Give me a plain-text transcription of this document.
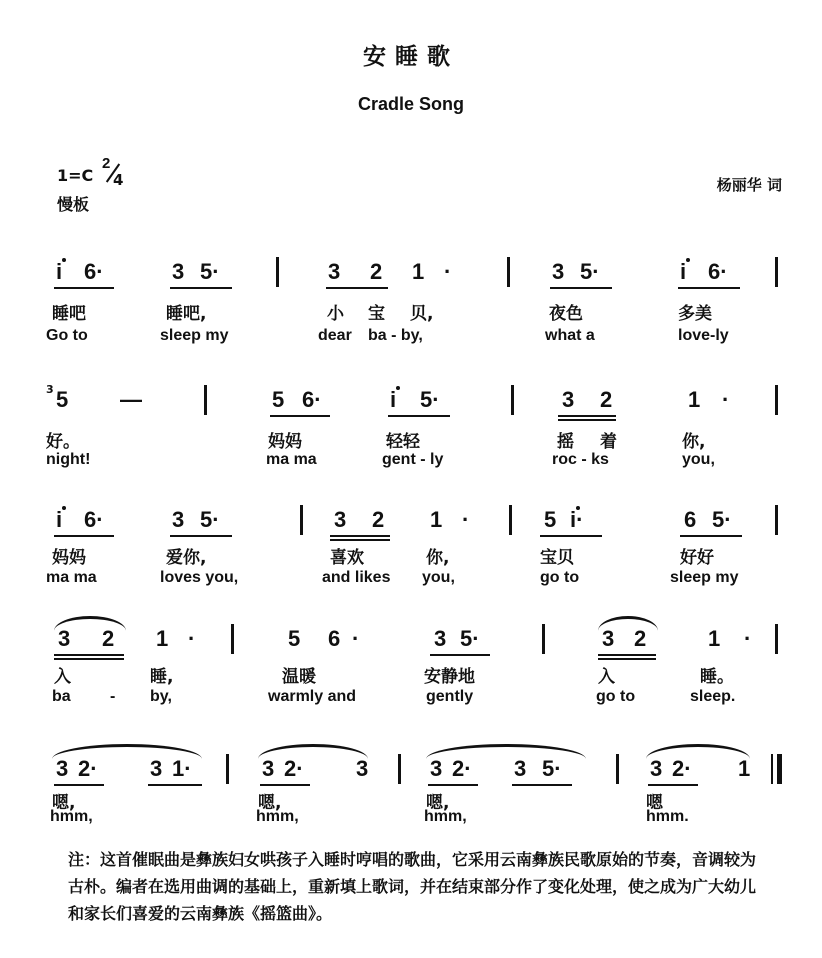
安睡歌
Cradle Song
1=C
2
4
慢板
杨丽华 词
i 6·	3 5·	3 2 1 ·	3 5·	i 6·
睡吧	睡吧,	小 宝 贝,	夜色	多美
Go to	sleep my	dear ba - by,	what a	love-ly
3 5 —	5 6·	i 5·	3 2	1 ·
好。	妈妈	轻轻	摇 着	你,
night!	ma ma	gent - ly	roc - ks	you,
i 6·	3 5·	3 2 1 ·	5 i·	6 5·
妈妈	爱你,	喜欢	你,	宝贝	好好
ma ma	loves you,	and likes you,	go to	sleep my
3 2 1 ·	5 6 ·	3 5·	3 2	1 ·
入	睡,	温暖	安静地	入	睡。
ba - by,	warmly and	gently	go to	sleep.
3 2· 3 1·	3 2· 3	3 2· 3 5·	3 2· 1
嗯,	嗯,	嗯,	嗯
hmm,	hmm,	hmm,	hmm.
注：这首催眠曲是彝族妇女哄孩子入睡时哼唱的歌曲，它采用云南彝族民歌原始的节奏，音调较为古朴。编者在选用曲调的基础上，重新填上歌词，并在结束部分作了变化处理，使之成为广大幼儿和家长们喜爱的云南彝族《摇篮曲》。
